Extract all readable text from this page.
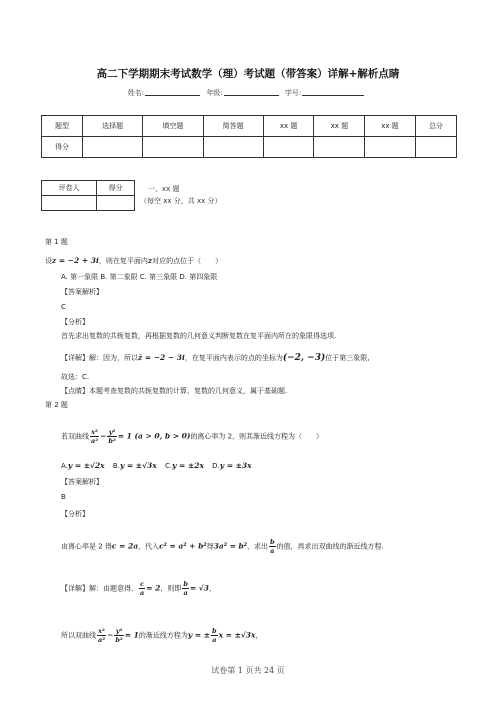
高二下学期期末考试数学（理）考试题（带答案）详解+解析点睛
姓名:	年级:	学号:
题型	选择题	填空题	简答题	xx 题	xx 题	xx 题	总分
得分							
评卷人	得分
		一、xx 题
（每空 xx 分，共 xx 分）
第 1 题
设z = −2 + 3i，则在复平面内z对应的点位于（　　）
A. 第一象限 B. 第二象限 C. 第三象限 D. 第四象限
【答案解析】
C
【分析】
首先求出复数的共轭复数，再根据复数的几何意义判断复数在复平面内所在的象限得选项.
【详解】解：因为，所以z̄ = −2 − 3i，在复平面内表示的点的坐标为(−2, −3)位于第三象限,
故选：C.
【点睛】本题考查复数的共轭复数的计算，复数的几何意义，属于基础题.
第 2 题
若双曲线 $\frac{\text{x²}}{\text{a²}} - \frac{\text{y²}}{\text{b²}} = 1$ (a > 0, b > 0)的离心率为 2，则其渐近线方程为（　　）
A.y = ±√2x B.y = ±√3x C.y = ±2x D.y = ±3x
【答案解析】
B
【分析】
由离心率是 2 得c = 2a，代入c² = a² + b²得3a² = b²，求出 $\frac{b}{a}$ 的值，再求出双曲线的渐近线方程.
【详解】解：由题意得， $\frac{c}{a} = 2$，则即 $\frac{b}{a} = √3$，
所以双曲线 $\frac{\text{x²}}{\text{a²}} - \frac{\text{y²}}{\text{b²}} = 1$的渐近线方程为y = ± $\frac{b}{a}$ x = ±√3x，
试卷第 1 页共 24 页
